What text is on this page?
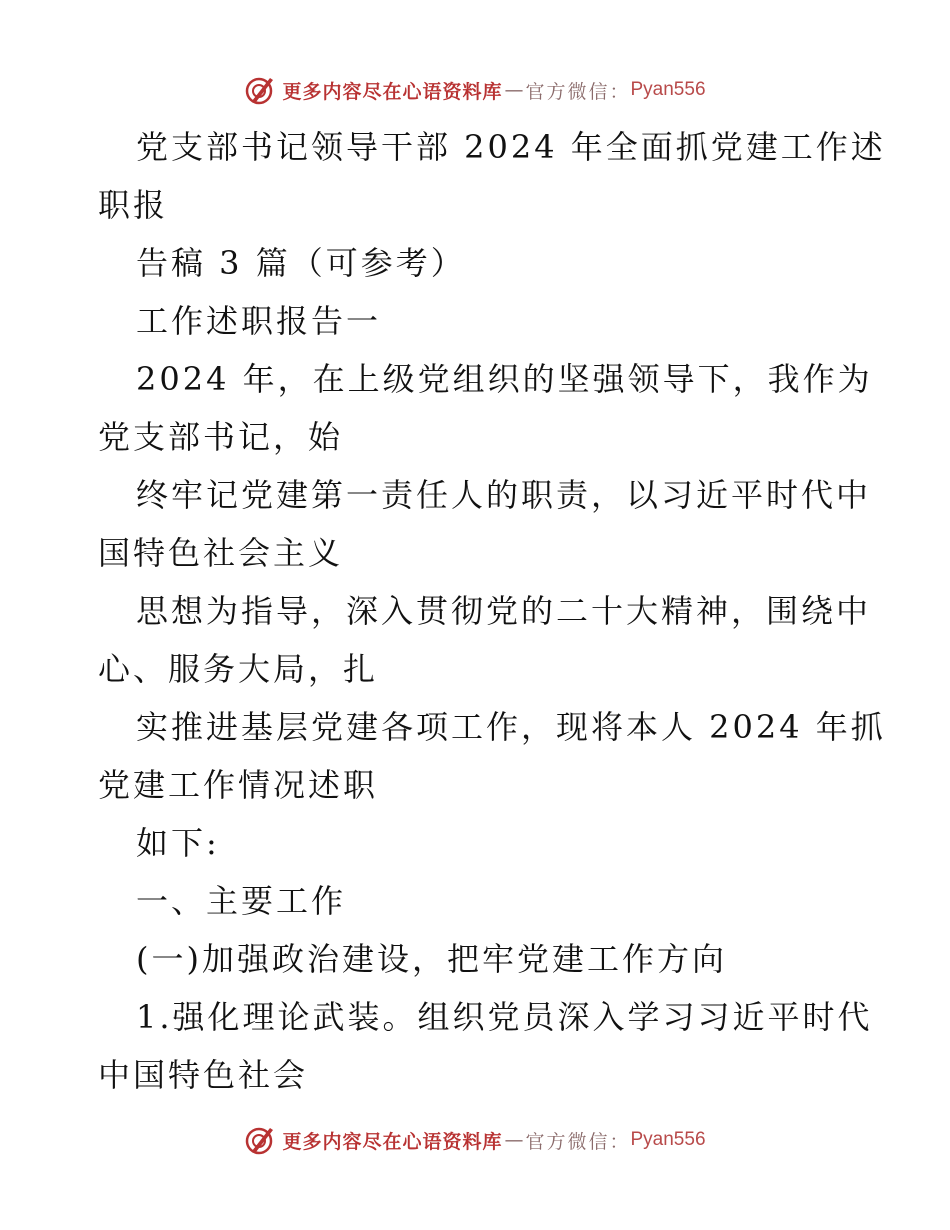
更多内容尽在心语资料库 — 官方微信： Pyan556
党支部书记领导干部 2024 年全面抓党建工作述
职报
告稿 3 篇（可参考）
工作述职报告一
2024 年，在上级党组织的坚强领导下，我作为
党支部书记，始
终牢记党建第一责任人的职责，以习近平时代中
国特色社会主义
思想为指导，深入贯彻党的二十大精神，围绕中
心、服务大局，扎
实推进基层党建各项工作，现将本人 2024 年抓
党建工作情况述职
如下:
一、主要工作
(一)加强政治建设，把牢党建工作方向
1.强化理论武装。组织党员深入学习习近平时代
中国特色社会
更多内容尽在心语资料库 — 官方微信： Pyan556
